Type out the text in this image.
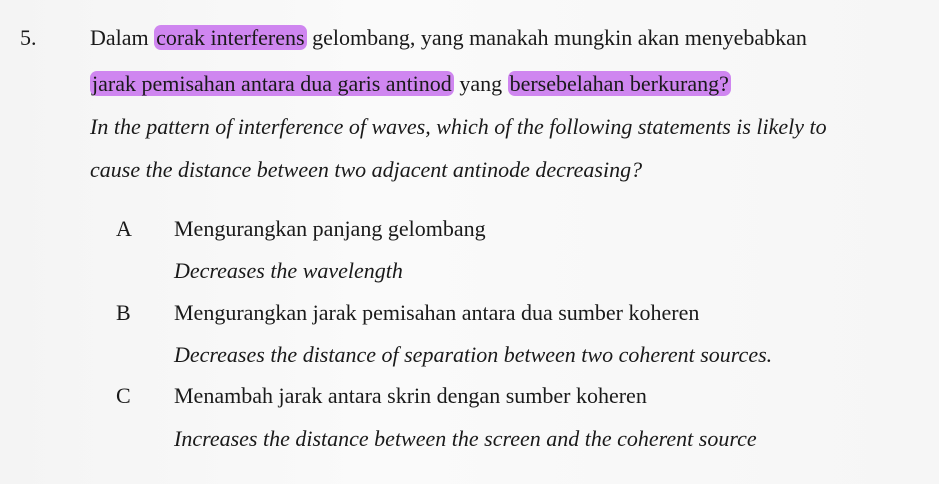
5. Dalam corak interferens gelombang, yang manakah mungkin akan menyebabkan
jarak pemisahan antara dua garis antinod yang bersebelahan berkurang?
In the pattern of interference of waves, which of the following statements is likely to
cause the distance between two adjacent antinode decreasing?
A	Mengurangkan panjang gelombang
Decreases the wavelength
B	Mengurangkan jarak pemisahan antara dua sumber koheren
Decreases the distance of separation between two coherent sources.
C	Menambah jarak antara skrin dengan sumber koheren
Increases the distance between the screen and the coherent source
